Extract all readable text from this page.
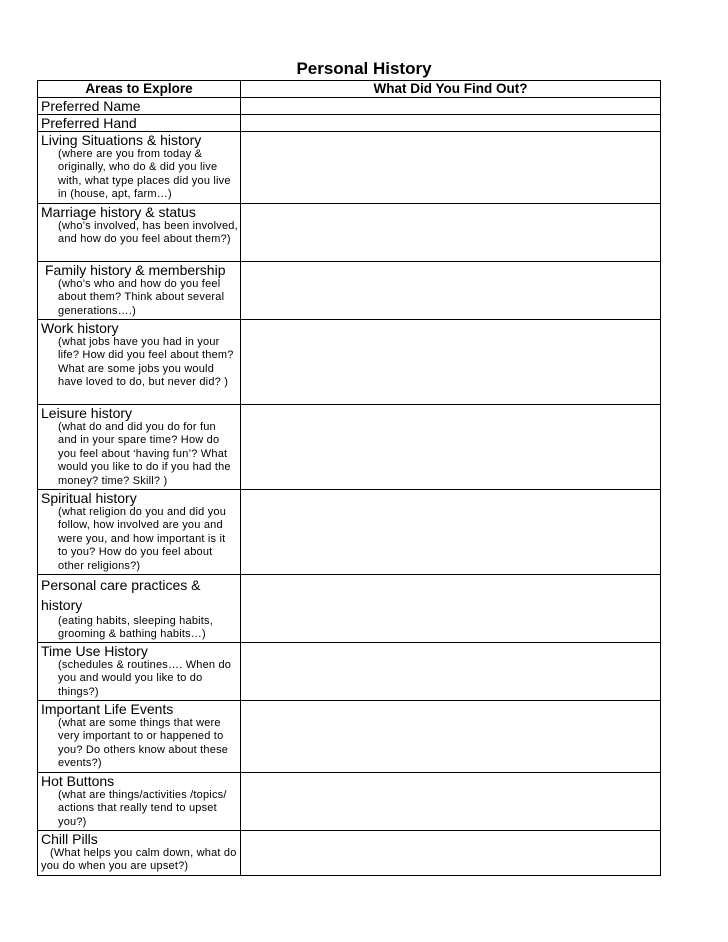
Personal History
Areas to Explore	What Did You Find Out?

Preferred Name	

Preferred Hand	

Living Situations & history
(where are you from today & originally, who do & did you live with, what type places did you live in (house, apt, farm…)	

Marriage history & status
(who’s involved, has been involved, and how do you feel about them?)	

Family history & membership
(who’s who and how do you feel about them? Think about several generations….)	

Work history
(what jobs have you had in your life? How did you feel about them? What are some jobs you would have loved to do, but never did? )	

Leisure history
(what do and did you do for fun and in your spare time? How do you feel about ‘having fun’? What would you like to do if you had the money? time? Skill? )	

Spiritual history
(what religion do you and did you follow, how involved are you and were you, and how important is it to you? How do you feel about other religions?)	

Personal care practices & history
(eating habits, sleeping habits, grooming & bathing habits…)	

Time Use History
(schedules & routines…. When do you and would you like to do things?)	

Important Life Events
(what are some things that were very important to or happened to you? Do others know about these events?)	

Hot Buttons
(what are things/activities /topics/ actions that really tend to upset you?)	

Chill Pills
(What helps you calm down, what do you do when you are upset?)	
